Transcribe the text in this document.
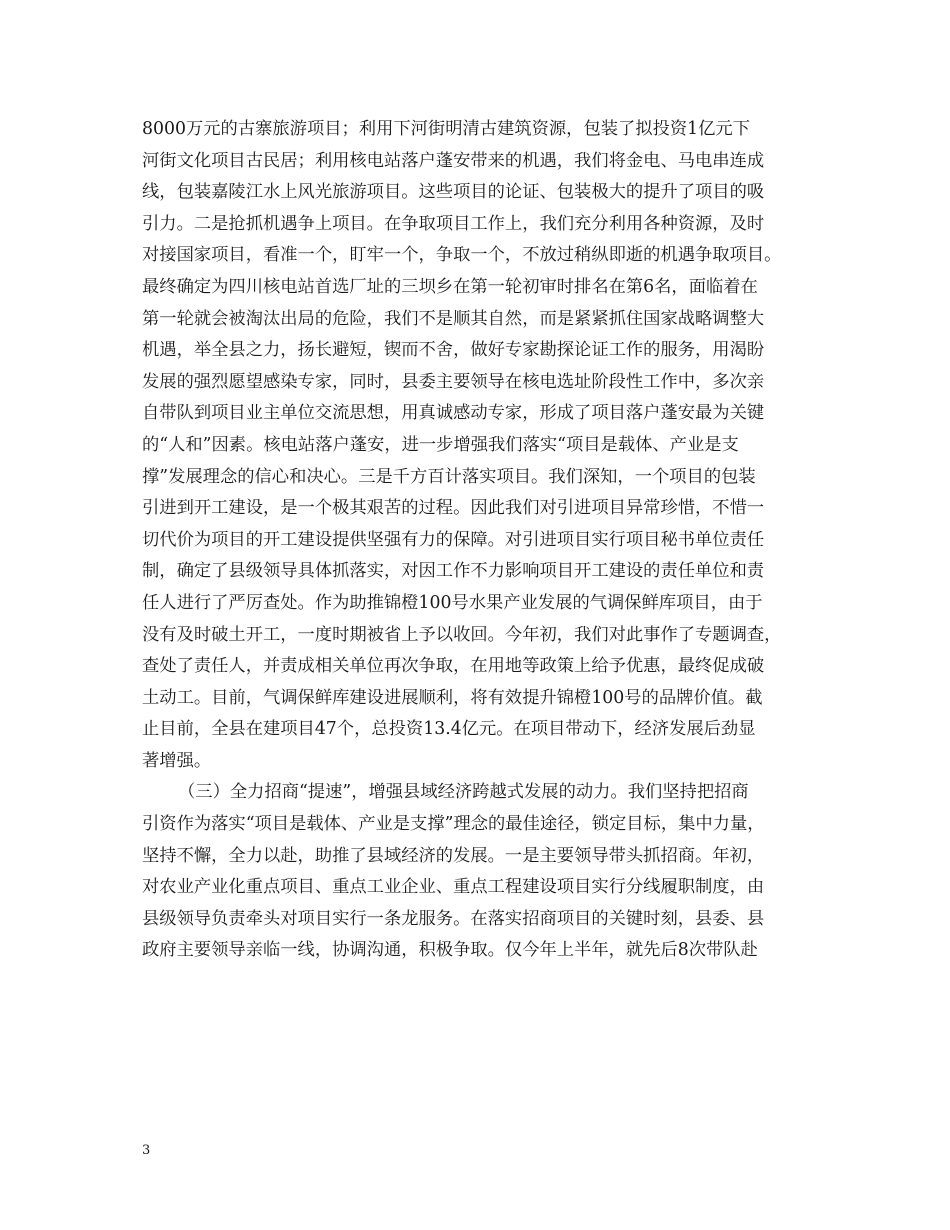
8000万元的古寨旅游项目；利用下河街明清古建筑资源，包装了拟投资1亿元下
河街文化项目古民居；利用核电站落户蓬安带来的机遇，我们将金电、马电串连成
线，包装嘉陵江水上风光旅游项目。这些项目的论证、包装极大的提升了项目的吸
引力。二是抢抓机遇争上项目。在争取项目工作上，我们充分利用各种资源，及时
对接国家项目，看准一个，盯牢一个，争取一个，不放过稍纵即逝的机遇争取项目。
最终确定为四川核电站首选厂址的三坝乡在第一轮初审时排名在第6名，面临着在
第一轮就会被淘汰出局的危险，我们不是顺其自然，而是紧紧抓住国家战略调整大
机遇，举全县之力，扬长避短，锲而不舍，做好专家勘探论证工作的服务，用渴盼
发展的强烈愿望感染专家，同时，县委主要领导在核电选址阶段性工作中，多次亲
自带队到项目业主单位交流思想，用真诚感动专家，形成了项目落户蓬安最为关键
的“人和”因素。核电站落户蓬安，进一步增强我们落实“项目是载体、产业是支
撑”发展理念的信心和决心。三是千方百计落实项目。我们深知，一个项目的包装
引进到开工建设，是一个极其艰苦的过程。因此我们对引进项目异常珍惜，不惜一
切代价为项目的开工建设提供坚强有力的保障。对引进项目实行项目秘书单位责任
制，确定了县级领导具体抓落实，对因工作不力影响项目开工建设的责任单位和责
任人进行了严厉查处。作为助推锦橙100号水果产业发展的气调保鲜库项目，由于
没有及时破土开工，一度时期被省上予以收回。今年初，我们对此事作了专题调查，
查处了责任人，并责成相关单位再次争取，在用地等政策上给予优惠，最终促成破
土动工。目前，气调保鲜库建设进展顺利，将有效提升锦橙100号的品牌价值。截
止目前，全县在建项目47个，总投资13.4亿元。在项目带动下，经济发展后劲显
著增强。
（三）全力招商“提速”，增强县域经济跨越式发展的动力。我们坚持把招商
引资作为落实“项目是载体、产业是支撑”理念的最佳途径，锁定目标，集中力量，
坚持不懈，全力以赴，助推了县域经济的发展。一是主要领导带头抓招商。年初，
对农业产业化重点项目、重点工业企业、重点工程建设项目实行分线履职制度，由
县级领导负责牵头对项目实行一条龙服务。在落实招商项目的关键时刻，县委、县
政府主要领导亲临一线，协调沟通，积极争取。仅今年上半年，就先后8次带队赴
3
